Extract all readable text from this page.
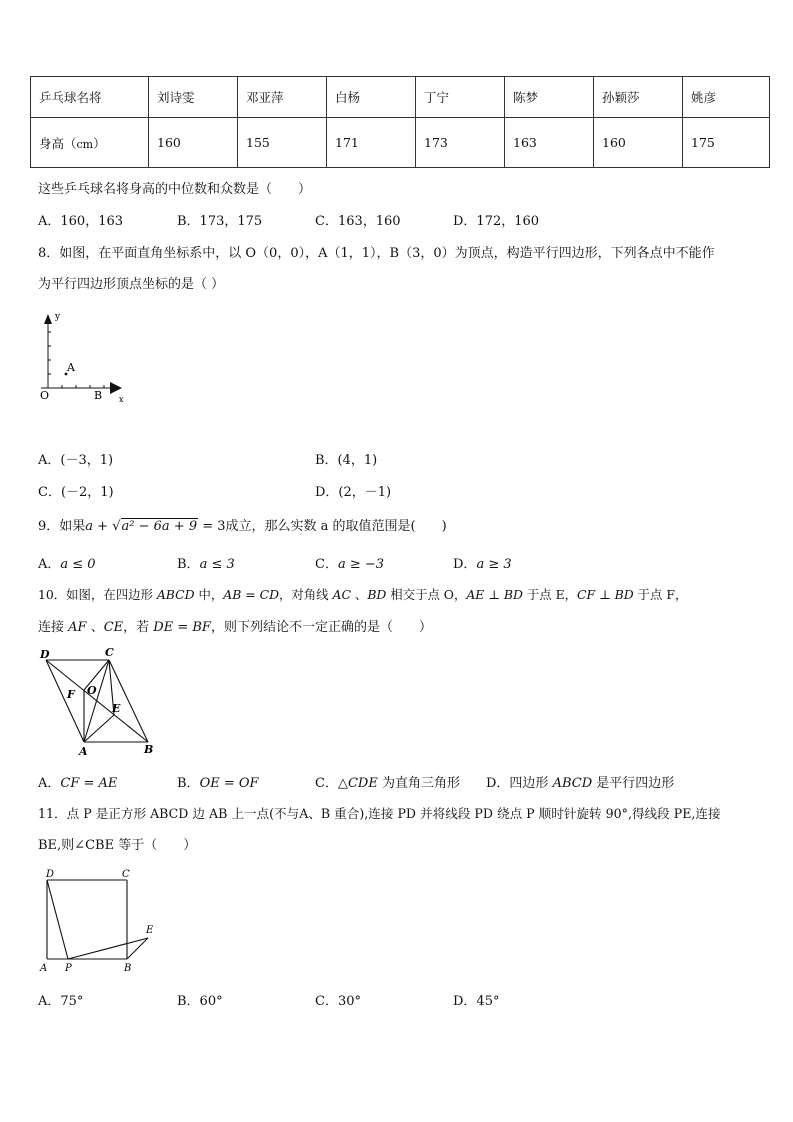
乒乓球名将	刘诗雯	邓亚萍	白杨	丁宁	陈梦	孙颖莎	姚彦
身高（cm）	160	155	171	173	163	160	175
这些乒乓球名将身高的中位数和众数是（　　）
A．160，163	B．173，175	C．163，160	D．172，160
8．如图，在平面直角坐标系中，以 O（0，0），A（1，1），B（3，0）为顶点，构造平行四边形，下列各点中不能作
为平行四边形顶点坐标的是（ ）
y
x
O
A
B
A．(－3，1)	B．(4，1)
C．(－2，1)	D．(2，－1)
9．如果a + √a² − 6a + 9 = 3成立，那么实数 a 的取值范围是(　　)
A．a ≤ 0	B．a ≤ 3	C．a ≥ −3	D．a ≥ 3
10．如图，在四边形 ABCD 中，AB = CD，对角线 AC 、BD 相交于点 O，AE ⊥ BD 于点 E，CF ⊥ BD 于点 F，
连接 AF 、CE，若 DE = BF，则下列结论不一定正确的是（　　）
D	C
F O
E
A	B
A．CF = AE	B．OE = OF	C．△CDE 为直角三角形 D．四边形 ABCD 是平行四边形
11．点 P 是正方形 ABCD 边 AB 上一点(不与A、B 重合),连接 PD 并将线段 PD 绕点 P 顺时针旋转 90°,得线段 PE,连接
BE,则∠CBE 等于（　　）
D	C
E
A P	B
A．75°	B．60°	C．30°	D．45°
